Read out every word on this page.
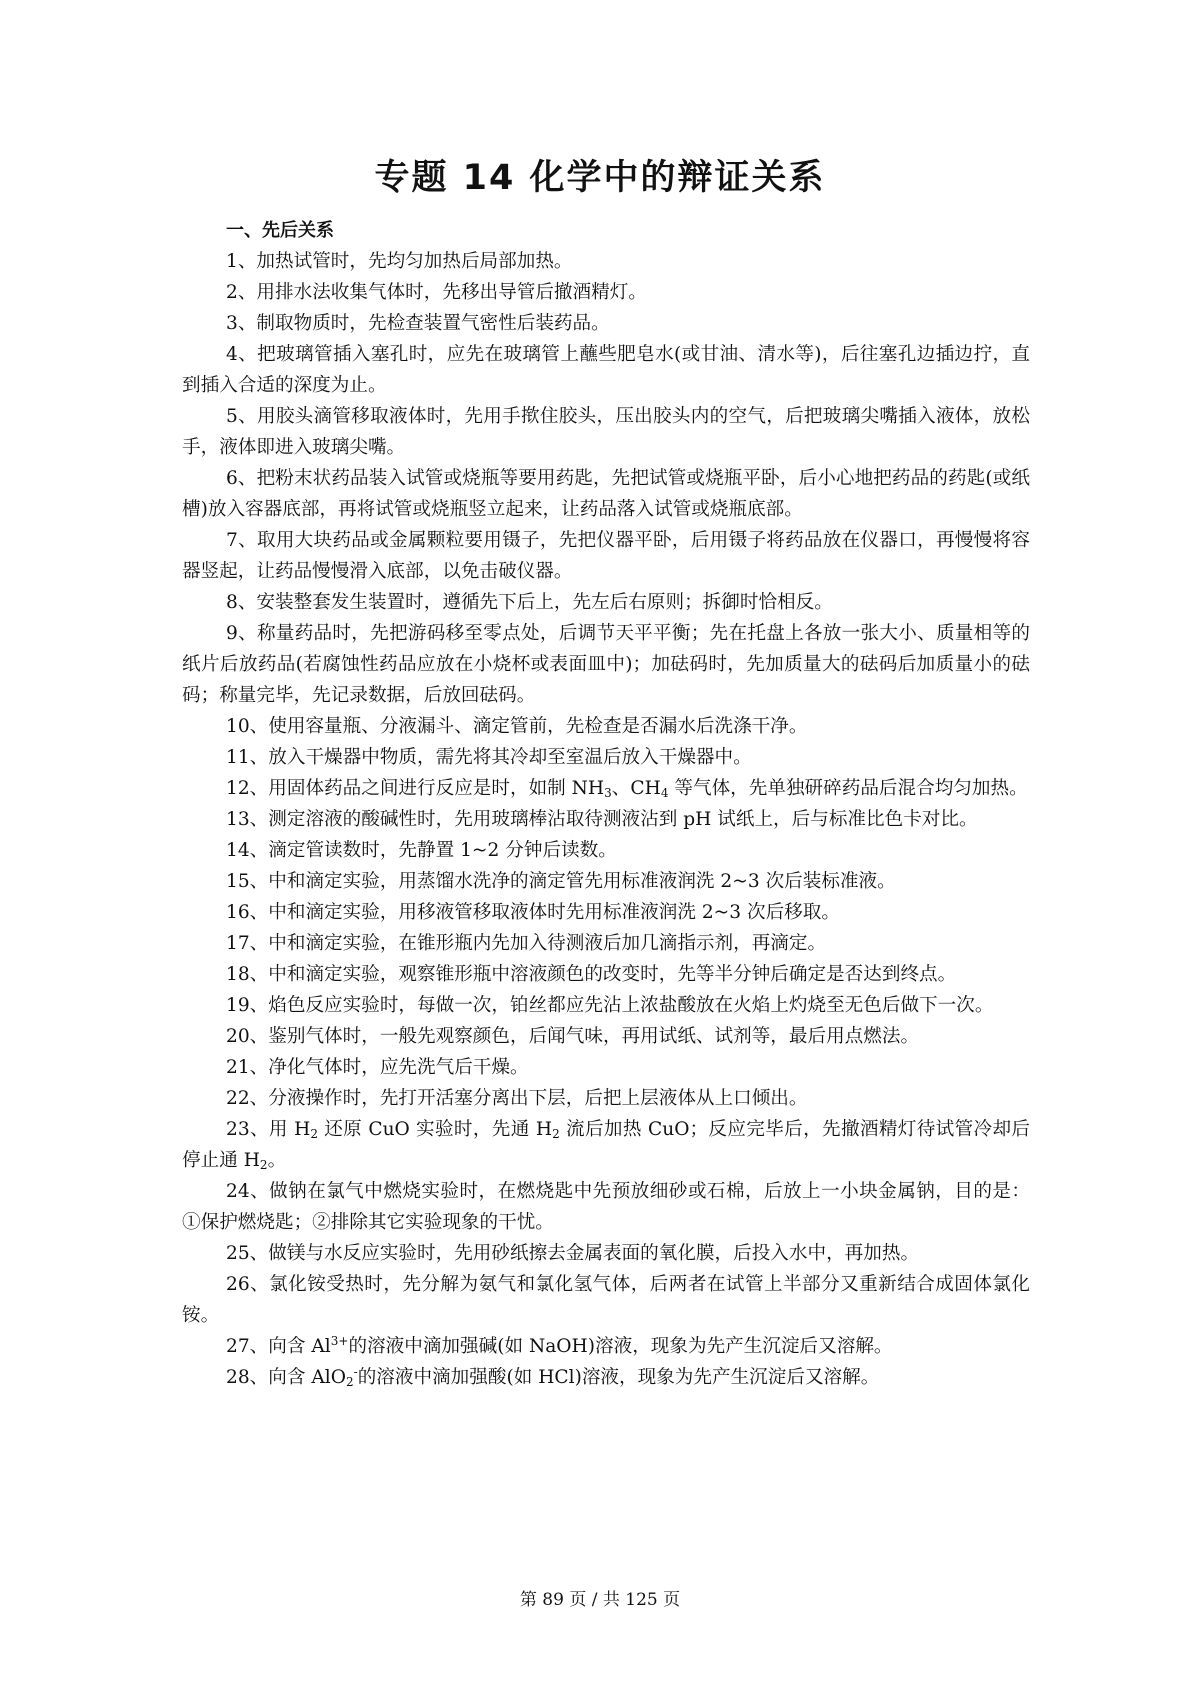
专题 14 化学中的辩证关系
一、先后关系

1、加热试管时，先均匀加热后局部加热。

2、用排水法收集气体时，先移出导管后撤酒精灯。

3、制取物质时，先检查装置气密性后装药品。

4、把玻璃管插入塞孔时，应先在玻璃管上蘸些肥皂水(或甘油、清水等)，后往塞孔边插边拧，直到插入合适的深度为止。

5、用胶头滴管移取液体时，先用手揿住胶头，压出胶头内的空气，后把玻璃尖嘴插入液体，放松手，液体即进入玻璃尖嘴。

6、把粉末状药品装入试管或烧瓶等要用药匙，先把试管或烧瓶平卧，后小心地把药品的药匙(或纸槽)放入容器底部，再将试管或烧瓶竖立起来，让药品落入试管或烧瓶底部。

7、取用大块药品或金属颗粒要用镊子，先把仪器平卧，后用镊子将药品放在仪器口，再慢慢将容器竖起，让药品慢慢滑入底部，以免击破仪器。

8、安装整套发生装置时，遵循先下后上，先左后右原则；拆御时恰相反。

9、称量药品时，先把游码移至零点处，后调节天平平衡；先在托盘上各放一张大小、质量相等的纸片后放药品(若腐蚀性药品应放在小烧杯或表面皿中)；加砝码时，先加质量大的砝码后加质量小的砝码；称量完毕，先记录数据，后放回砝码。

10、使用容量瓶、分液漏斗、滴定管前，先检查是否漏水后洗涤干净。

11、放入干燥器中物质，需先将其冷却至室温后放入干燥器中。

12、用固体药品之间进行反应是时，如制 $NH_3$、$CH_4$ 等气体，先单独研碎药品后混合均匀加热。

13、测定溶液的酸碱性时，先用玻璃棒沾取待测液沾到 pH 试纸上，后与标准比色卡对比。

14、滴定管读数时，先静置 1~2 分钟后读数。

15、中和滴定实验，用蒸馏水洗净的滴定管先用标准液润洗 2~3 次后装标准液。

16、中和滴定实验，用移液管移取液体时先用标准液润洗 2~3 次后移取。

17、中和滴定实验，在锥形瓶内先加入待测液后加几滴指示剂，再滴定。

18、中和滴定实验，观察锥形瓶中溶液颜色的改变时，先等半分钟后确定是否达到终点。

19、焰色反应实验时，每做一次，铂丝都应先沾上浓盐酸放在火焰上灼烧至无色后做下一次。

20、鉴别气体时，一般先观察颜色，后闻气味，再用试纸、试剂等，最后用点燃法。

21、净化气体时，应先洗气后干燥。

22、分液操作时，先打开活塞分离出下层，后把上层液体从上口倾出。

23、用 $H_2$ 还原 CuO 实验时，先通 $H_2$ 流后加热 CuO；反应完毕后，先撤酒精灯待试管冷却后停止通 $H_2$。

24、做钠在氯气中燃烧实验时，在燃烧匙中先预放细砂或石棉，后放上一小块金属钠，目的是：①保护燃烧匙；②排除其它实验现象的干忧。

25、做镁与水反应实验时，先用砂纸擦去金属表面的氧化膜，后投入水中，再加热。

26、氯化铵受热时，先分解为氨气和氯化氢气体，后两者在试管上半部分又重新结合成固体氯化铵。

27、向含 $Al^{3+}$的溶液中滴加强碱(如 NaOH)溶液，现象为先产生沉淀后又溶解。

28、向含 AlO$_2$-的溶液中滴加强酸(如 HCl)溶液，现象为先产生沉淀后又溶解。

第 89 页 / 共 125 页
